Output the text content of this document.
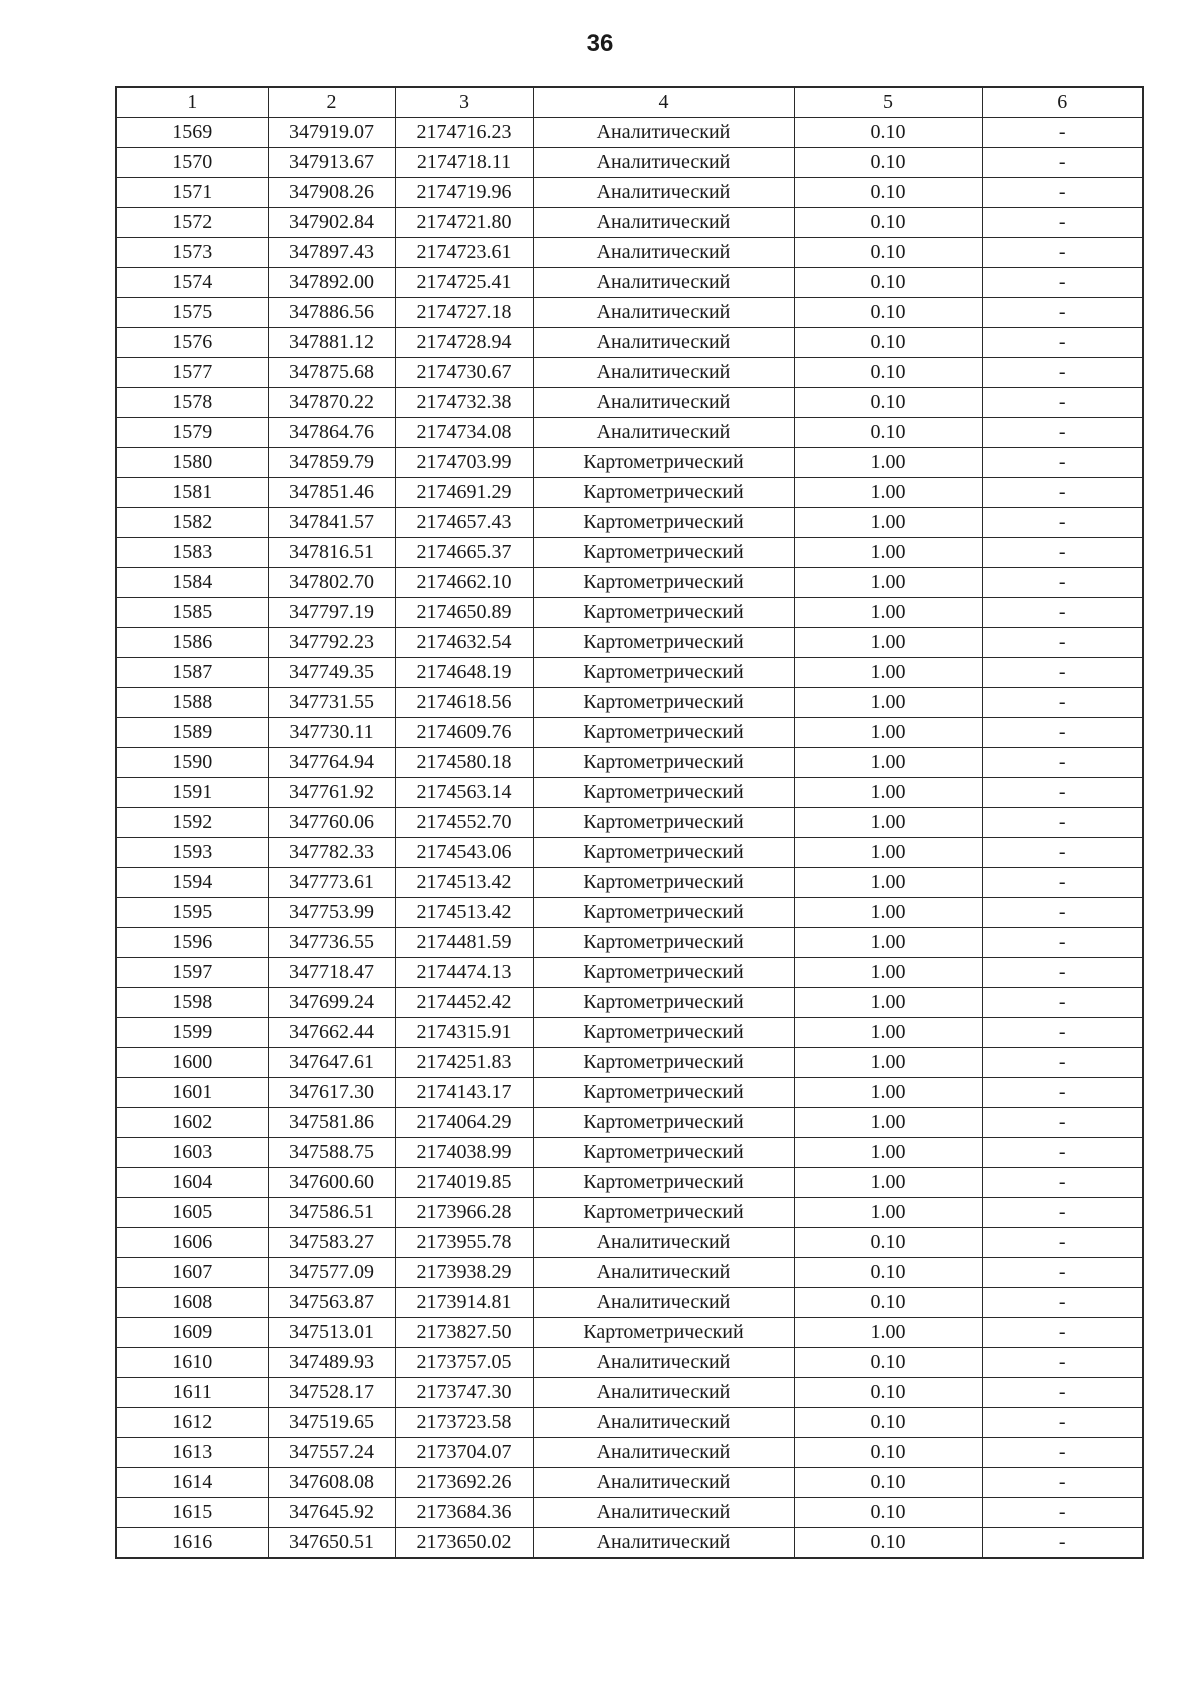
36
1	2	3	4	5	6
1569	347919.07	2174716.23	Аналитический	0.10	-
1570	347913.67	2174718.11	Аналитический	0.10	-
1571	347908.26	2174719.96	Аналитический	0.10	-
1572	347902.84	2174721.80	Аналитический	0.10	-
1573	347897.43	2174723.61	Аналитический	0.10	-
1574	347892.00	2174725.41	Аналитический	0.10	-
1575	347886.56	2174727.18	Аналитический	0.10	-
1576	347881.12	2174728.94	Аналитический	0.10	-
1577	347875.68	2174730.67	Аналитический	0.10	-
1578	347870.22	2174732.38	Аналитический	0.10	-
1579	347864.76	2174734.08	Аналитический	0.10	-
1580	347859.79	2174703.99	Картометрический	1.00	-
1581	347851.46	2174691.29	Картометрический	1.00	-
1582	347841.57	2174657.43	Картометрический	1.00	-
1583	347816.51	2174665.37	Картометрический	1.00	-
1584	347802.70	2174662.10	Картометрический	1.00	-
1585	347797.19	2174650.89	Картометрический	1.00	-
1586	347792.23	2174632.54	Картометрический	1.00	-
1587	347749.35	2174648.19	Картометрический	1.00	-
1588	347731.55	2174618.56	Картометрический	1.00	-
1589	347730.11	2174609.76	Картометрический	1.00	-
1590	347764.94	2174580.18	Картометрический	1.00	-
1591	347761.92	2174563.14	Картометрический	1.00	-
1592	347760.06	2174552.70	Картометрический	1.00	-
1593	347782.33	2174543.06	Картометрический	1.00	-
1594	347773.61	2174513.42	Картометрический	1.00	-
1595	347753.99	2174513.42	Картометрический	1.00	-
1596	347736.55	2174481.59	Картометрический	1.00	-
1597	347718.47	2174474.13	Картометрический	1.00	-
1598	347699.24	2174452.42	Картометрический	1.00	-
1599	347662.44	2174315.91	Картометрический	1.00	-
1600	347647.61	2174251.83	Картометрический	1.00	-
1601	347617.30	2174143.17	Картометрический	1.00	-
1602	347581.86	2174064.29	Картометрический	1.00	-
1603	347588.75	2174038.99	Картометрический	1.00	-
1604	347600.60	2174019.85	Картометрический	1.00	-
1605	347586.51	2173966.28	Картометрический	1.00	-
1606	347583.27	2173955.78	Аналитический	0.10	-
1607	347577.09	2173938.29	Аналитический	0.10	-
1608	347563.87	2173914.81	Аналитический	0.10	-
1609	347513.01	2173827.50	Картометрический	1.00	-
1610	347489.93	2173757.05	Аналитический	0.10	-
1611	347528.17	2173747.30	Аналитический	0.10	-
1612	347519.65	2173723.58	Аналитический	0.10	-
1613	347557.24	2173704.07	Аналитический	0.10	-
1614	347608.08	2173692.26	Аналитический	0.10	-
1615	347645.92	2173684.36	Аналитический	0.10	-
1616	347650.51	2173650.02	Аналитический	0.10	-
